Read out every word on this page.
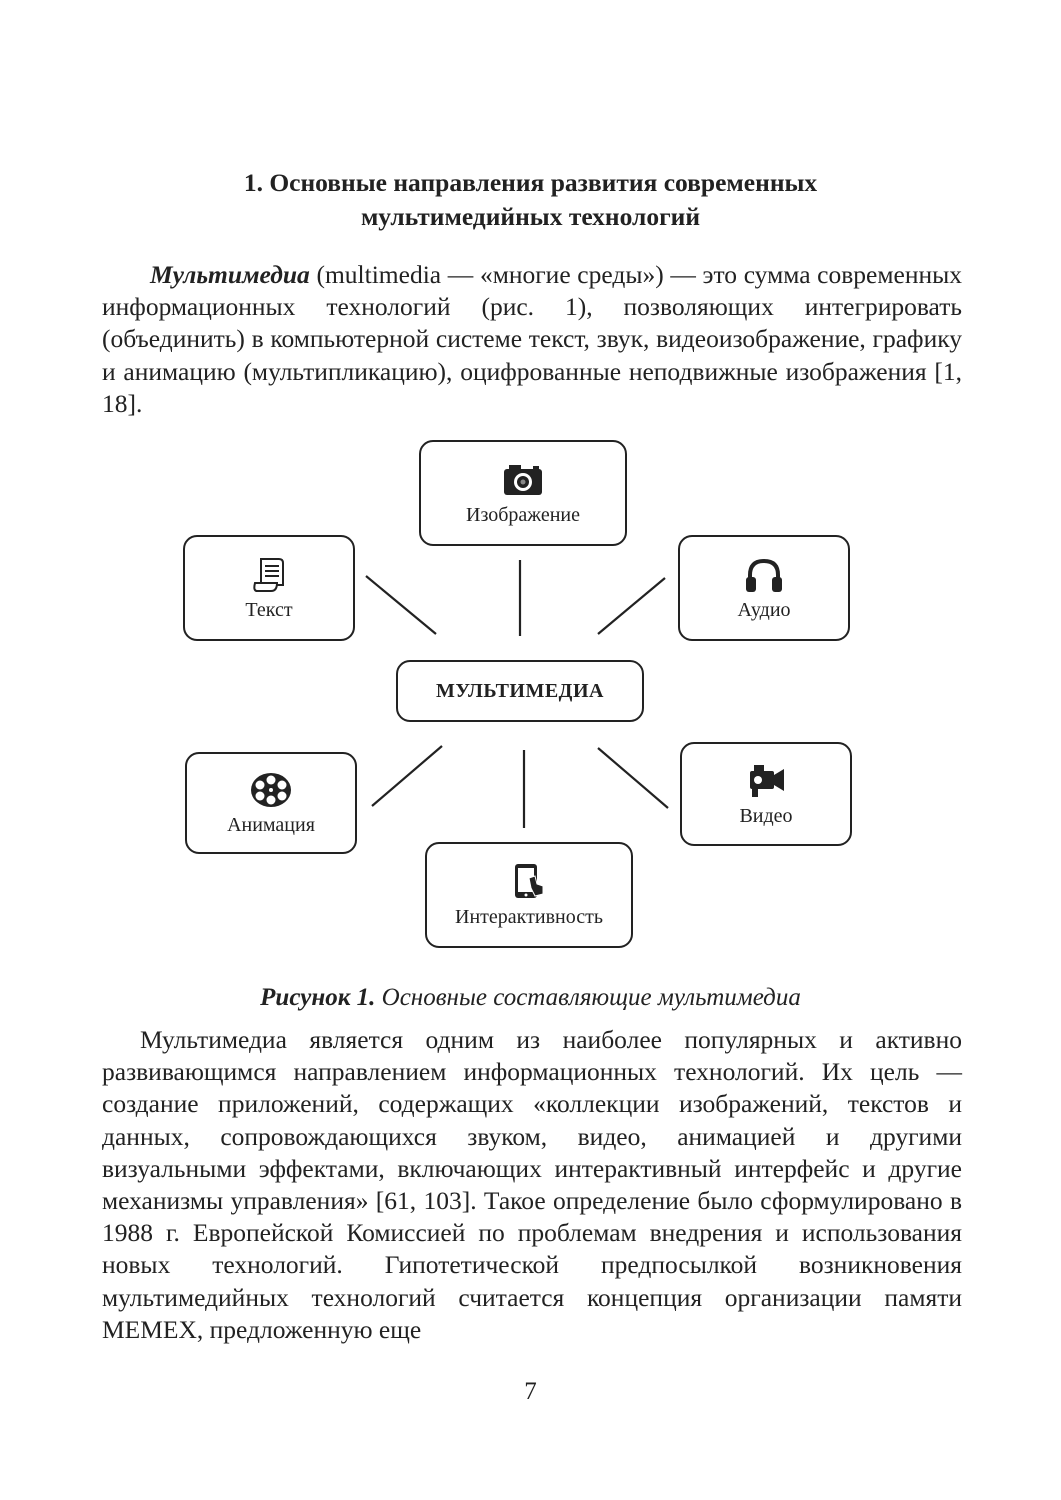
1. Основные направления развития современных
мультимедийных технологий

Мультимедиа (multimedia — «многие среды») — это сумма современных информационных технологий (рис. 1), позволяющих интегрировать (объединить) в компьютерной системе текст, звук, видеоизображение, графику и анимацию (мультипликацию), оцифрованные неподвижные изображения [1, 18].

Изображение
Текст	Аудио
МУЛЬТИМЕДИА
Анимация	Видео
Интерактивность
Рисунок 1. Основные составляющие мультимедиа

Мультимедиа является одним из наиболее популярных и активно развивающимся направлением информационных технологий. Их цель — создание приложений, содержащих «коллекции изображений, текстов и данных, сопровождающихся звуком, видео, анимацией и другими визуальными эффектами, включающих интерактивный интерфейс и другие механизмы управления» [61, 103]. Такое определение было сформулировано в 1988 г. Европейской Комиссией по проблемам внедрения и использования новых технологий. Гипотетической предпосылкой возникновения мультимедийных технологий считается концепция организации памяти MEMEX, предложенную еще

7
